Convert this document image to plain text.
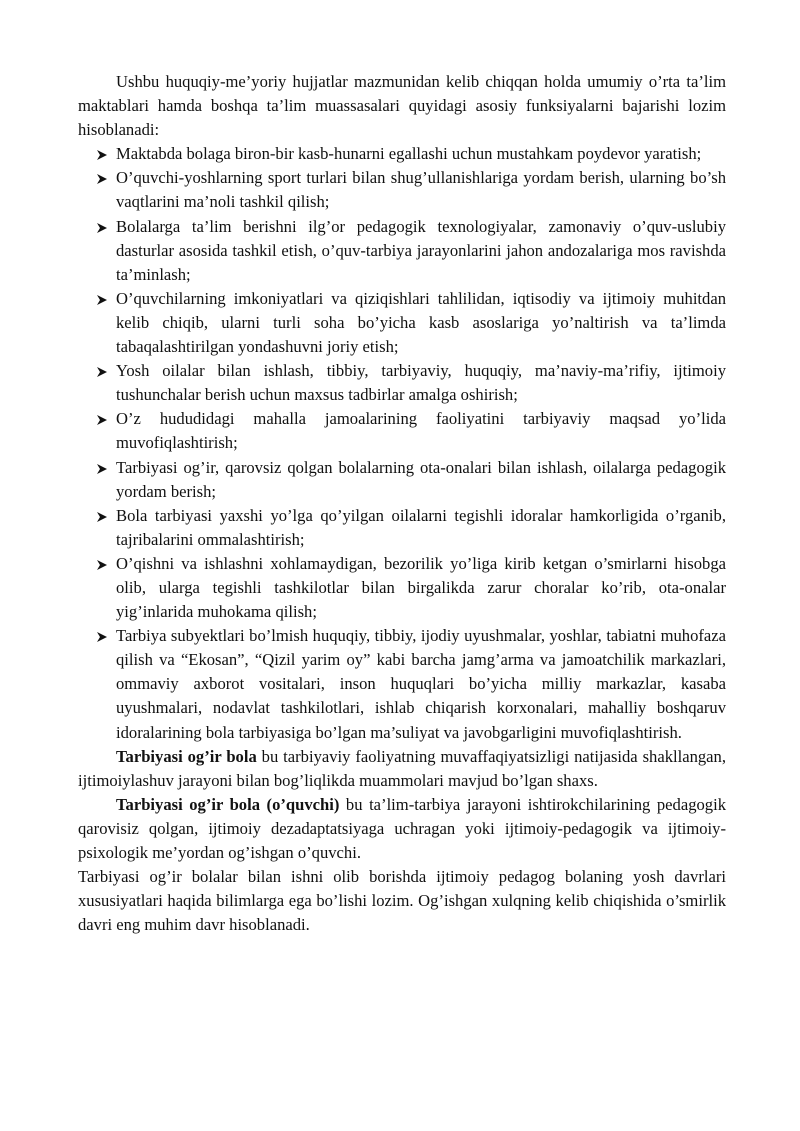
Ushbu huquqiy-me’yoriy hujjatlar mazmunidan kelib chiqqan holda umumiy o’rta ta’lim maktablari hamda boshqa ta’lim muassasalari quyidagi asosiy funksiyalarni bajarishi lozim hisoblanadi:

Maktabda bolaga biron-bir kasb-hunarni egallashi uchun mustahkam poydevor yaratish;
O’quvchi-yoshlarning sport turlari bilan shug’ullanishlariga yordam berish, ularning bo’sh vaqtlarini ma’noli tashkil qilish;
Bolalarga ta’lim berishni ilg’or pedagogik texnologiyalar, zamonaviy o’quv-uslubiy dasturlar asosida tashkil etish, o’quv-tarbiya jarayonlarini jahon andozalariga mos ravishda ta’minlash;
O’quvchilarning imkoniyatlari va qiziqishlari tahlilidan, iqtisodiy va ijtimoiy muhitdan kelib chiqib, ularni turli soha bo’yicha kasb asoslariga yo’naltirish va ta’limda tabaqalashtirilgan yondashuvni joriy etish;
Yosh oilalar bilan ishlash, tibbiy, tarbiyaviy, huquqiy, ma’naviy-ma’rifiy, ijtimoiy tushunchalar berish uchun maxsus tadbirlar amalga oshirish;
O’z hududidagi mahalla jamoalarining faoliyatini tarbiyaviy maqsad yo’lida muvofiqlashtirish;
Tarbiyasi og’ir, qarovsiz qolgan bolalarning ota-onalari bilan ishlash, oilalarga pedagogik yordam berish;
Bola tarbiyasi yaxshi yo’lga qo’yilgan oilalarni tegishli idoralar hamkorligida o’rganib, tajribalarini ommalashtirish;
O’qishni va ishlashni xohlamaydigan, bezorilik yo’liga kirib ketgan o’smirlarni hisobga olib, ularga tegishli tashkilotlar bilan birgalikda zarur choralar ko’rib, ota-onalar yig’inlarida muhokama qilish;
Tarbiya subyektlari bo’lmish huquqiy, tibbiy, ijodiy uyushmalar, yoshlar, tabiatni muhofaza qilish va “Ekosan”, “Qizil yarim oy” kabi barcha jamg’arma va jamoatchilik markazlari, ommaviy axborot vositalari, inson huquqlari bo’yicha milliy markazlar, kasaba uyushmalari, nodavlat tashkilotlari, ishlab chiqarish korxonalari, mahalliy boshqaruv idoralarining bola tarbiyasiga bo’lgan ma’suliyat va javobgarligini muvofiqlashtirish.

Tarbiyasi og’ir bola bu tarbiyaviy faoliyatning muvaffaqiyatsizligi natijasida shakllangan, ijtimoiylashuv jarayoni bilan bog’liqlikda muammolari mavjud bo’lgan shaxs.

Tarbiyasi og’ir bola (o’quvchi) bu ta’lim-tarbiya jarayoni ishtirokchilarining pedagogik qarovisiz qolgan, ijtimoiy dezadaptatsiyaga uchragan yoki ijtimoiy-pedagogik va ijtimoiy-psixologik me’yordan og’ishgan o’quvchi.

Tarbiyasi og’ir bolalar bilan ishni olib borishda ijtimoiy pedagog bolaning yosh davrlari xususiyatlari haqida bilimlarga ega bo’lishi lozim. Og’ishgan xulqning kelib chiqishida o’smirlik davri eng muhim davr hisoblanadi.
